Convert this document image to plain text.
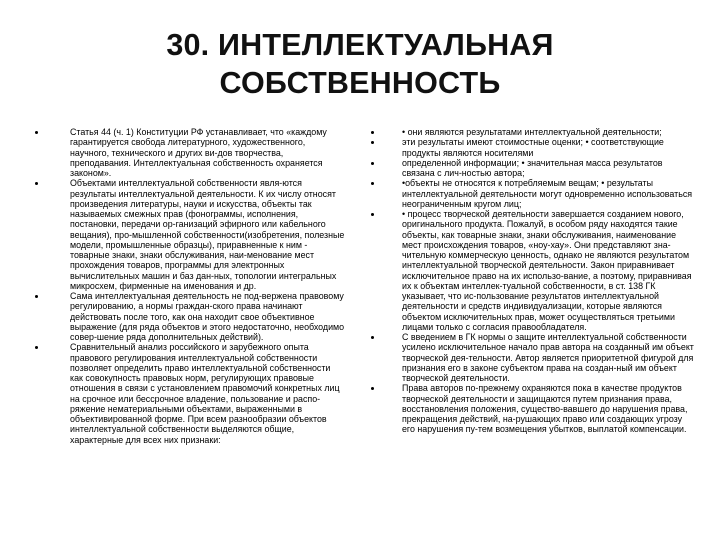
30. ИНТЕЛЛЕКТУАЛЬНАЯ
СОБСТВЕННОСТЬ
Статья 44 (ч. 1) Конституции РФ устанавливает, что «каждому гарантируется свобода литературного, художественного, научного, технического и других ви-дов творчества, преподавания. Интеллектуальная собственность охраняется законом».
Объектами интеллектуальной собственности явля-ются результаты интеллектуальной деятельности. К их числу относят произведения литературы, науки и искусства, объекты так называемых смежных прав (фонограммы, исполнения, постановки, передачи ор-ганизаций эфирного или кабельного вещания), про-мышленной собственности(изобретения, полезные модели, промышленные образцы), приравненные к ним - товарные знаки, знаки обслуживания, наи-менование мест прохождения товаров, программы для электронных вычислительных машин и баз дан-ных, топологии интегральных микросхем, фирменные на именования и др.
Сама интеллектуальная деятельность не под-вержена правовому регулированию, а нормы граждан-ского права начинают действовать после того, как она находит свое объективное выражение (для ряда объектов и этого недостаточно, необходимо совер-шение ряда дополнительных действий).
Сравнительный анализ российского и зарубежного опыта правового регулирования интеллектуальной собственности позволяет определить право интеллектуальной собственности как совокупность правовых норм, регулирующих правовые отношения в связи с установлением правомочий конкретных лиц на срочное или бессрочное владение, пользование и распо-ряжение нематериальными объектами, выраженными в объективированной форме. При всем разнообразии объектов интеллектуальной собственности выделяются общие, характерные для всех них признаки:
• они являются результатами интеллектуальной деятельности;
эти результаты имеют стоимостные оценки; • соответствующие продукты являются носителями
определенной информации; • значительная масса результатов связана с лич-ностью автора;
•объекты не относятся к потребляемым вещам; • результаты интеллектуальной деятельности могут одновременно использоваться неограниченным кругом лиц;
• процесс творческой деятельности завершается созданием нового, оригинального продукта. Пожалуй, в особом ряду находятся такие объекты, как товарные знаки, знаки обслуживания, наименование мест происхождения товаров, «ноу-хау». Они представляют зна-чительную коммерческую ценность, однако не являются результатом интеллектуальной творческой деятельности. Закон приравнивает исключительное право на их использо-вание, а поэтому, приравнивая их к объектам интеллек-туальной собственности, в ст. 138 ГК указывает, что ис-пользование результатов интеллектуальной деятельности и средств индивидуализации, которые являются объектом исключительных прав, может осуществляться третьими лицами только с согласия правообладателя.
С введением в ГК нормы о защите интеллектуальной собственности усилено исключительное начало прав автора на созданный им объект творческой дея-тельности. Автор является приоритетной фигурой для признания его в законе субъектом права на создан-ный им объект творческой деятельности.
Права авторов по-прежнему охраняются пока в качестве продуктов творческой деятельности и защищаются путем признания права, восстановления положения, существо-вавшего до нарушения права, прекращения действий, на-рушающих право или создающих угрозу его нарушения пу-тем возмещения убытков, выплатой компенсации.
